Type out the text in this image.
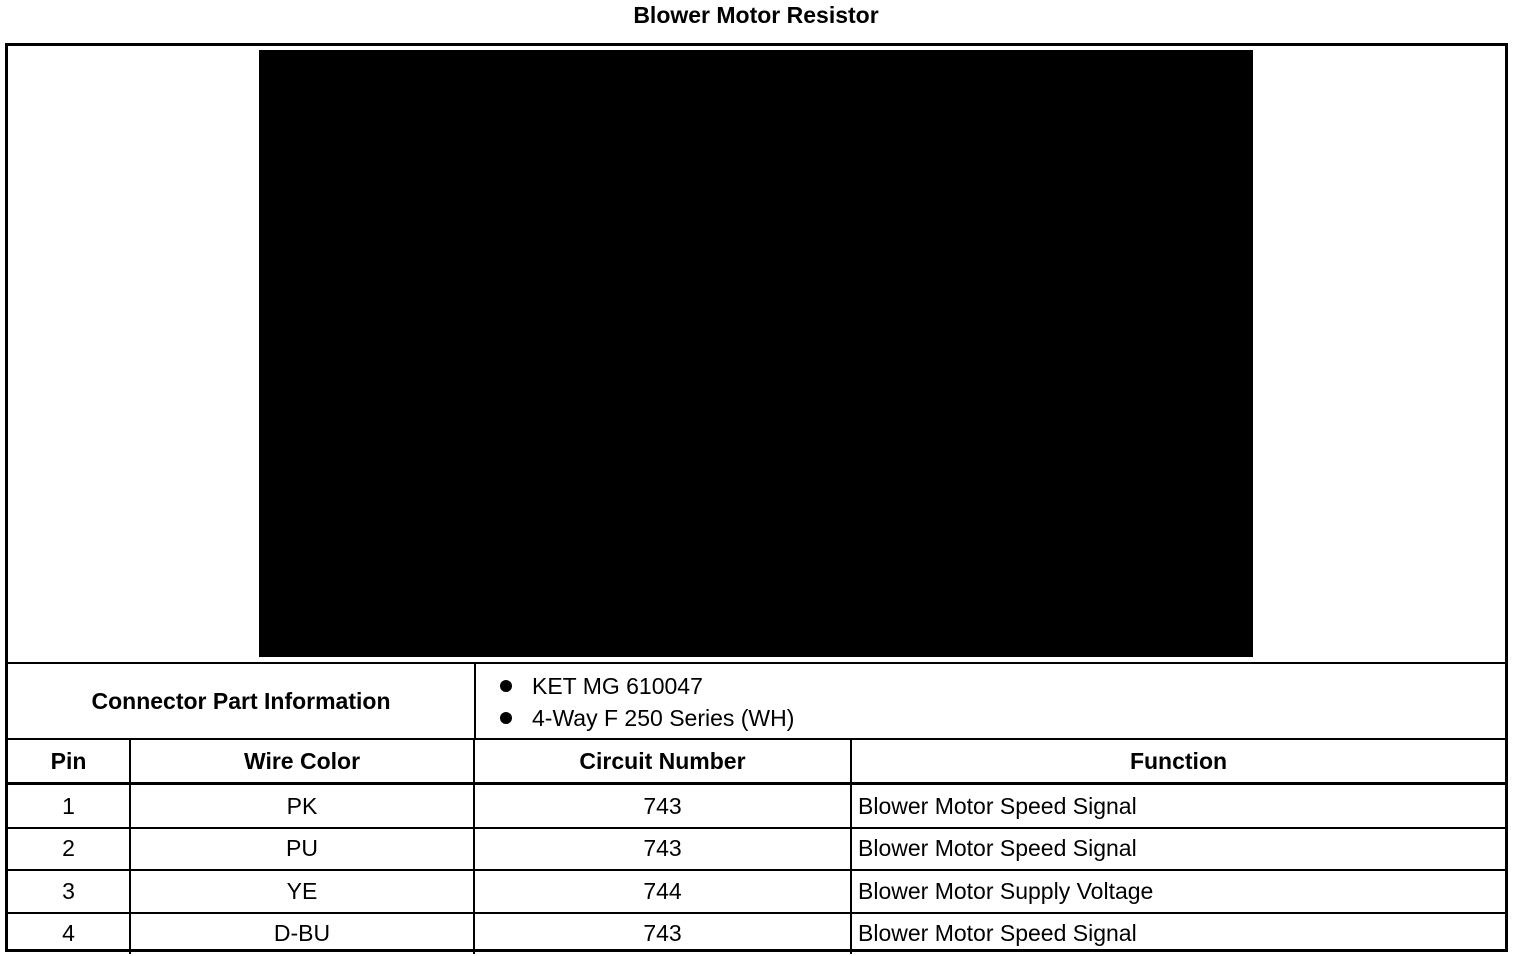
Blower Motor Resistor
Connector Part Information
KET MG 610047
4-Way F 250 Series (WH)
Pin	Wire Color	Circuit Number	Function
1	PK	743	Blower Motor Speed Signal
2	PU	743	Blower Motor Speed Signal
3	YE	744	Blower Motor Supply Voltage
4	D-BU	743	Blower Motor Speed Signal
